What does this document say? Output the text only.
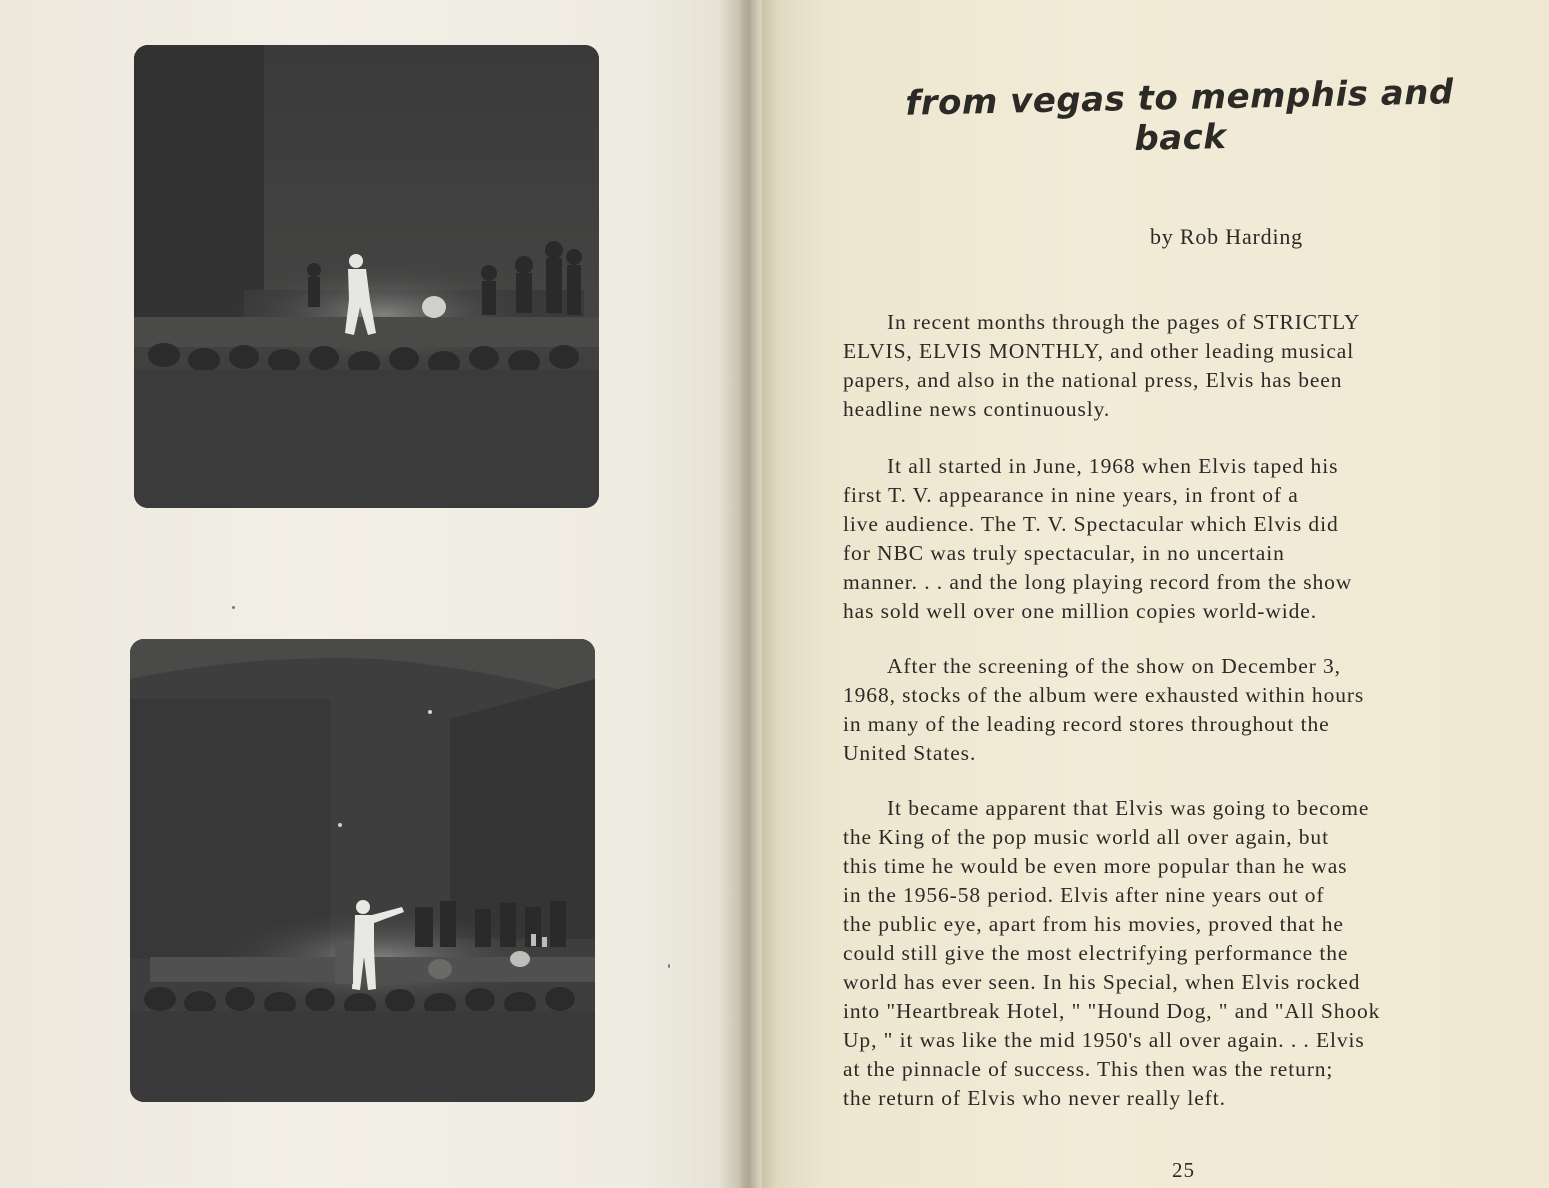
from vegas to memphis and back
by Rob Harding
In recent months through the pages of STRICTLY
ELVIS, ELVIS MONTHLY, and other leading musical
papers, and also in the national press, Elvis has been
headline news continuously.
It all started in June, 1968 when Elvis taped his
first T. V. appearance in nine years, in front of a
live audience. The T. V. Spectacular which Elvis did
for NBC was truly spectacular, in no uncertain
manner. . . and the long playing record from the show
has sold well over one million copies world-wide.
After the screening of the show on December 3,
1968, stocks of the album were exhausted within hours
in many of the leading record stores throughout the
United States.
It became apparent that Elvis was going to become
the King of the pop music world all over again, but
this time he would be even more popular than he was
in the 1956-58 period. Elvis after nine years out of
the public eye, apart from his movies, proved that he
could still give the most electrifying performance the
world has ever seen. In his Special, when Elvis rocked
into "Heartbreak Hotel, " "Hound Dog, " and "All Shook
Up, " it was like the mid 1950's all over again. . . Elvis
at the pinnacle of success. This then was the return;
the return of Elvis who never really left.
25
